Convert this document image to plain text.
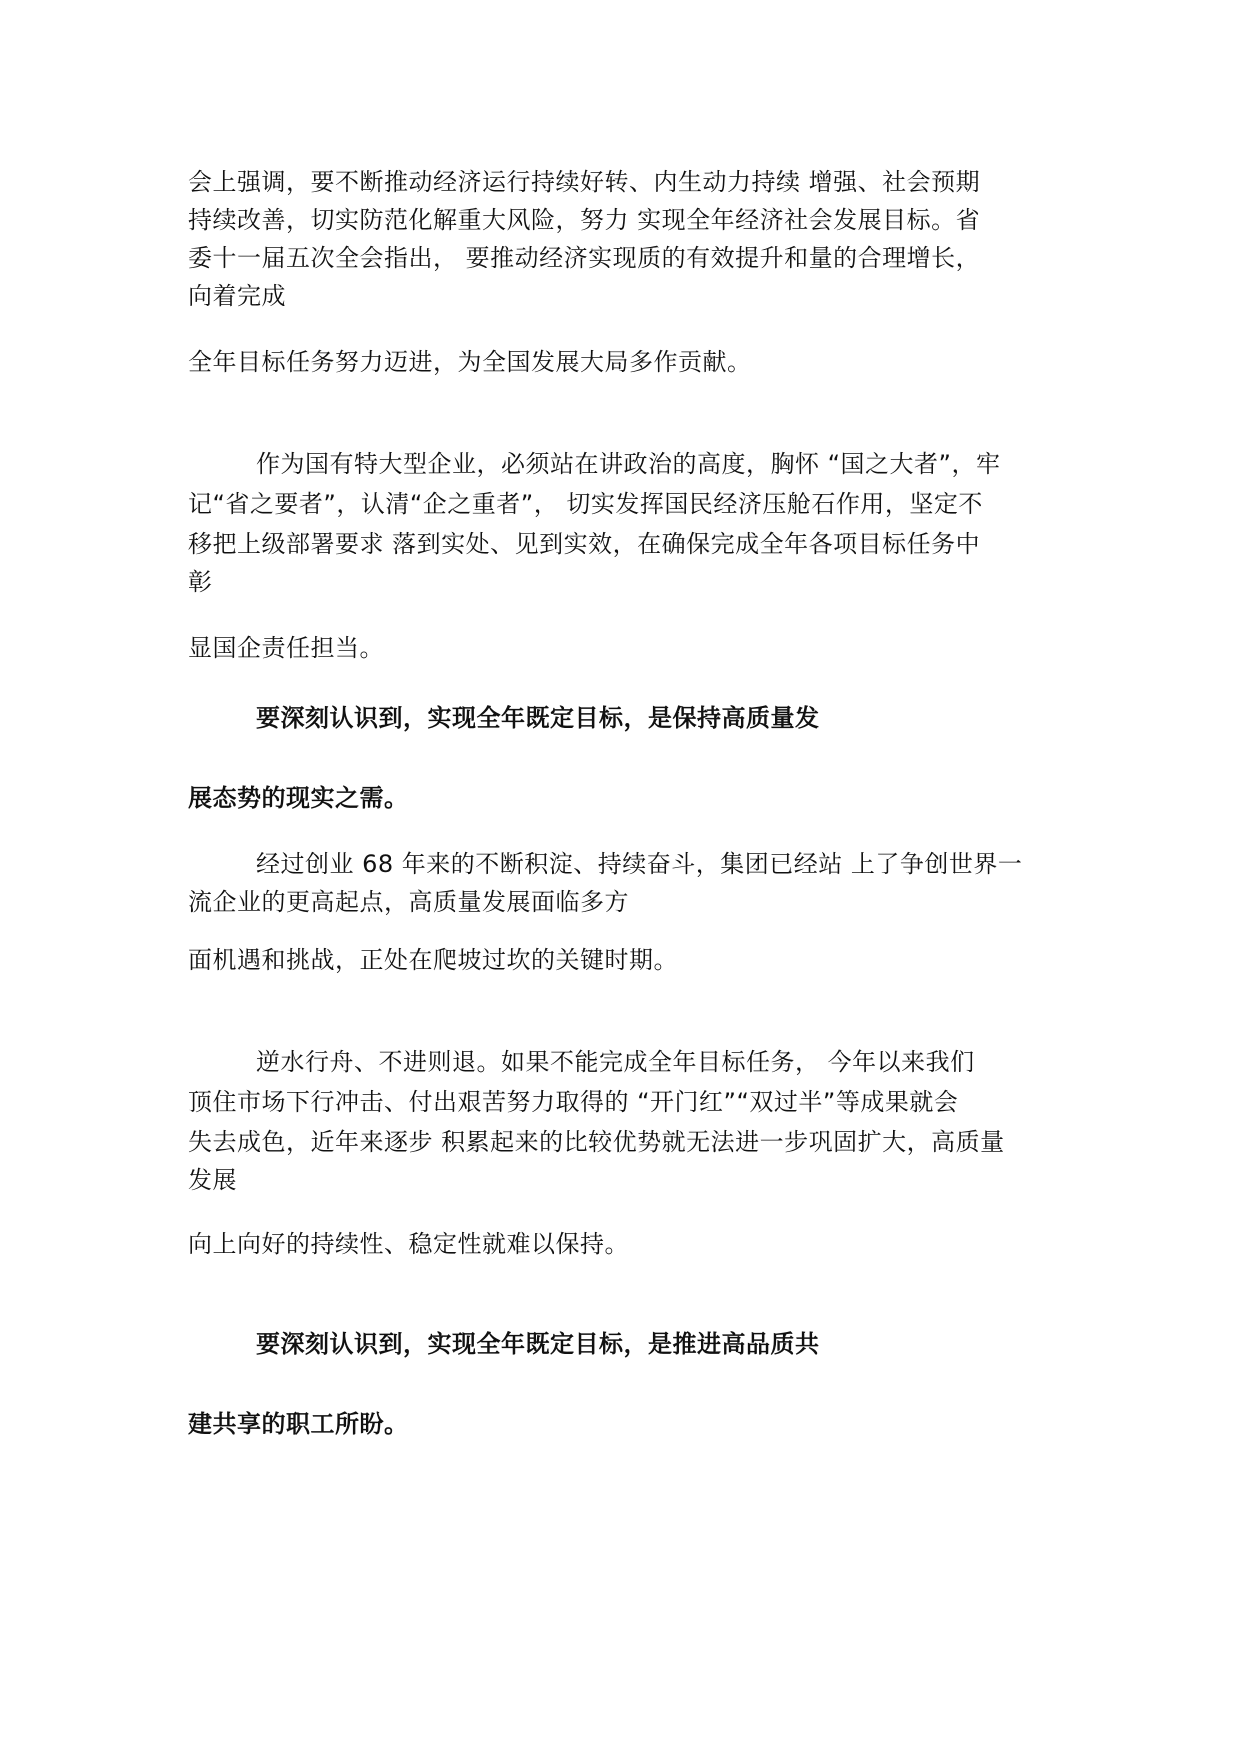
会上强调，要不断推动经济运行持续好转、内生动力持续 增强、社会预期
持续改善，切实防范化解重大风险，努力 实现全年经济社会发展目标。省
委十一届五次全会指出， 要推动经济实现质的有效提升和量的合理增长，
向着完成
全年目标任务努力迈进，为全国发展大局多作贡献。
作为国有特大型企业，必须站在讲政治的高度，胸怀 “国之大者”，牢
记“省之要者”，认清“企之重者”， 切实发挥国民经济压舱石作用，坚定不
移把上级部署要求 落到实处、见到实效，在确保完成全年各项目标任务中
彰
显国企责任担当。
要深刻认识到，实现全年既定目标，是保持高质量发
展态势的现实之需。
经过创业 68 年来的不断积淀、持续奋斗，集团已经站 上了争创世界一
流企业的更高起点，高质量发展面临多方
面机遇和挑战，正处在爬坡过坎的关键时期。
逆水行舟、不进则退。如果不能完成全年目标任务， 今年以来我们
顶住市场下行冲击、付出艰苦努力取得的 “开门红”“双过半”等成果就会
失去成色，近年来逐步 积累起来的比较优势就无法进一步巩固扩大，高质量
发展
向上向好的持续性、稳定性就难以保持。
要深刻认识到，实现全年既定目标，是推进高品质共
建共享的职工所盼。
